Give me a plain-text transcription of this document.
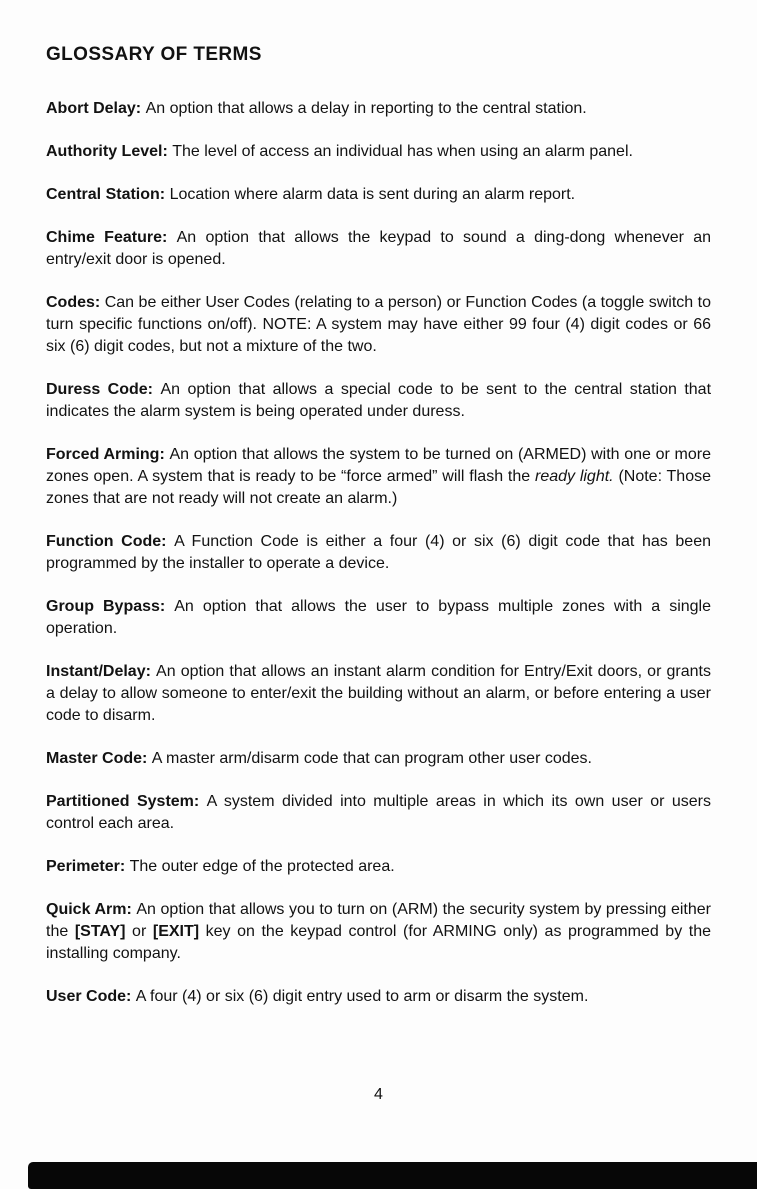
GLOSSARY OF TERMS

Abort Delay: An option that allows a delay in reporting to the central station.

Authority Level: The level of access an individual has when using an alarm panel.

Central Station: Location where alarm data is sent during an alarm report.

Chime Feature: An option that allows the keypad to sound a ding-dong whenever an entry/exit door is opened.

Codes: Can be either User Codes (relating to a person) or Function Codes (a toggle switch to turn specific functions on/off). NOTE: A system may have either 99 four (4) digit codes or 66 six (6) digit codes, but not a mixture of the two.

Duress Code: An option that allows a special code to be sent to the central station that indicates the alarm system is being operated under duress.

Forced Arming: An option that allows the system to be turned on (ARMED) with one or more zones open. A system that is ready to be “force armed” will flash the ready light. (Note: Those zones that are not ready will not create an alarm.)

Function Code: A Function Code is either a four (4) or six (6) digit code that has been programmed by the installer to operate a device.

Group Bypass: An option that allows the user to bypass multiple zones with a single operation.

Instant/Delay: An option that allows an instant alarm condition for Entry/Exit doors, or grants a delay to allow someone to enter/exit the building without an alarm, or before entering a user code to disarm.

Master Code: A master arm/disarm code that can program other user codes.

Partitioned System: A system divided into multiple areas in which its own user or users control each area.

Perimeter: The outer edge of the protected area.

Quick Arm: An option that allows you to turn on (ARM) the security system by pressing either the [STAY] or [EXIT] key on the keypad control (for ARMING only) as programmed by the installing company.

User Code: A four (4) or six (6) digit entry used to arm or disarm the system.

4
